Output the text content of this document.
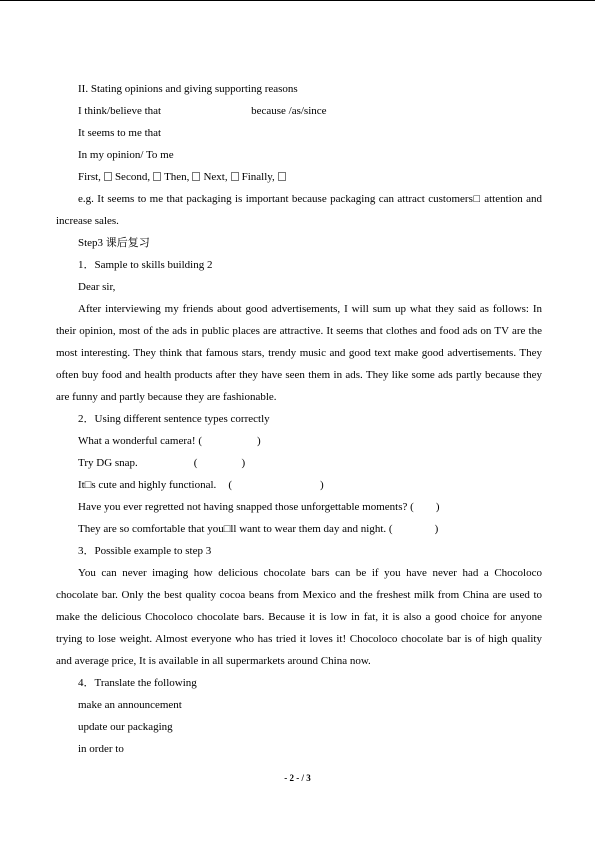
II. Stating opinions and giving supporting reasons
I think/believe that	because /as/since
It seems to me that
In my opinion/ To me
First, Second, Then, Next, Finally,

e.g. It seems to me that packaging is important because packaging can attract customers□ attention and increase sales.

Step3 课后复习
1．Sample to skills building 2
Dear sir,

After interviewing my friends about good advertisements, I will sum up what they said as follows: In their opinion, most of the ads in public places are attractive. It seems that clothes and food ads on TV are the most interesting. They think that famous stars, trendy music and good text make good advertisements. They often buy food and health products after they have seen them in ads. They like some ads partly because they are funny and partly because they are fashionable.

2．Using different sentence types correctly
What a wonderful camera! (	)
Try DG snap.	(	)
It□s cute and highly functional. (	)
Have you ever regretted not having snapped those unforgettable moments? ( )
They are so comfortable that you□ll want to wear them day and night. (	)
3．Possible example to step 3

You can never imaging how delicious chocolate bars can be if you have never had a Chocoloco chocolate bar. Only the best quality cocoa beans from Mexico and the freshest milk from China are used to make the delicious Chocoloco chocolate bars. Because it is low in fat, it is also a good choice for anyone trying to lose weight. Almost everyone who has tried it loves it! Chocoloco chocolate bar is of high quality and average price, It is available in all supermarkets around China now.

4．Translate the following
make an announcement
update our packaging
in order to
- 2 - / 3
